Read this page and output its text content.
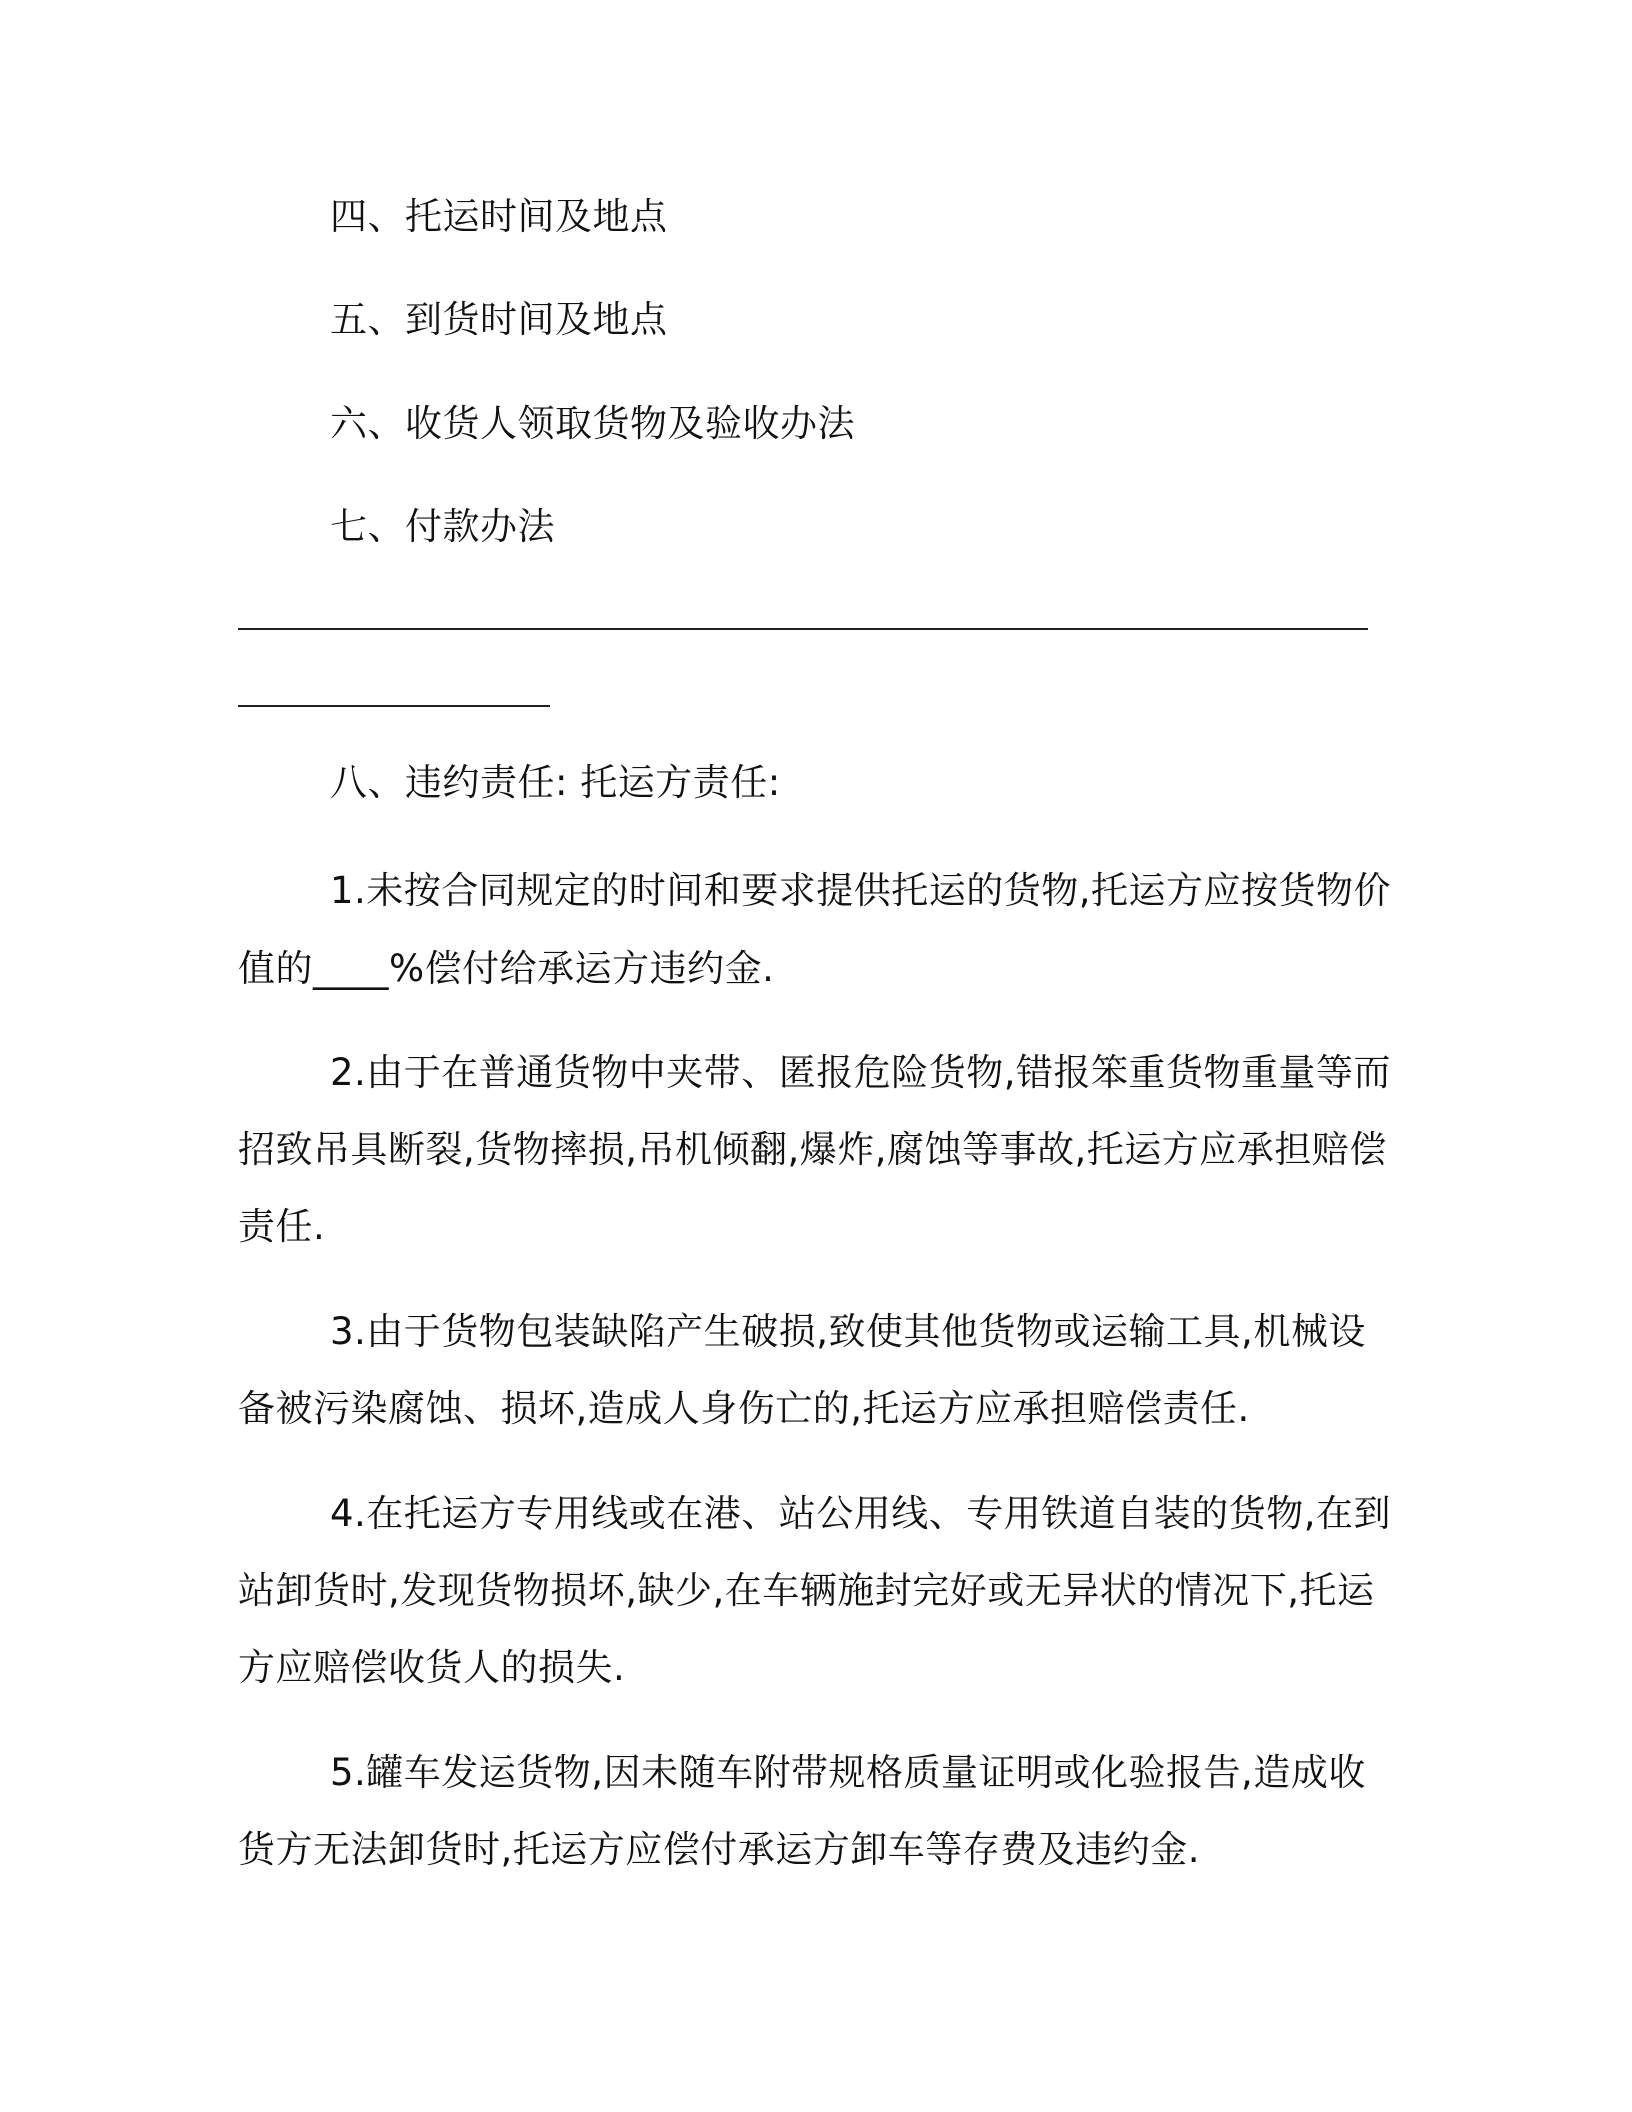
四、托运时间及地点
五、到货时间及地点
六、收货人领取货物及验收办法
七、付款办法
八、违约责任: 托运方责任:
1.未按合同规定的时间和要求提供托运的货物,托运方应按货物价
值的____%偿付给承运方违约金.
2.由于在普通货物中夹带、匿报危险货物,错报笨重货物重量等而
招致吊具断裂,货物摔损,吊机倾翻,爆炸,腐蚀等事故,托运方应承担赔偿
责任.
3.由于货物包装缺陷产生破损,致使其他货物或运输工具,机械设
备被污染腐蚀、损坏,造成人身伤亡的,托运方应承担赔偿责任.
4.在托运方专用线或在港、站公用线、专用铁道自装的货物,在到
站卸货时,发现货物损坏,缺少,在车辆施封完好或无异状的情况下,托运
方应赔偿收货人的损失.
5.罐车发运货物,因未随车附带规格质量证明或化验报告,造成收
货方无法卸货时,托运方应偿付承运方卸车等存费及违约金.
